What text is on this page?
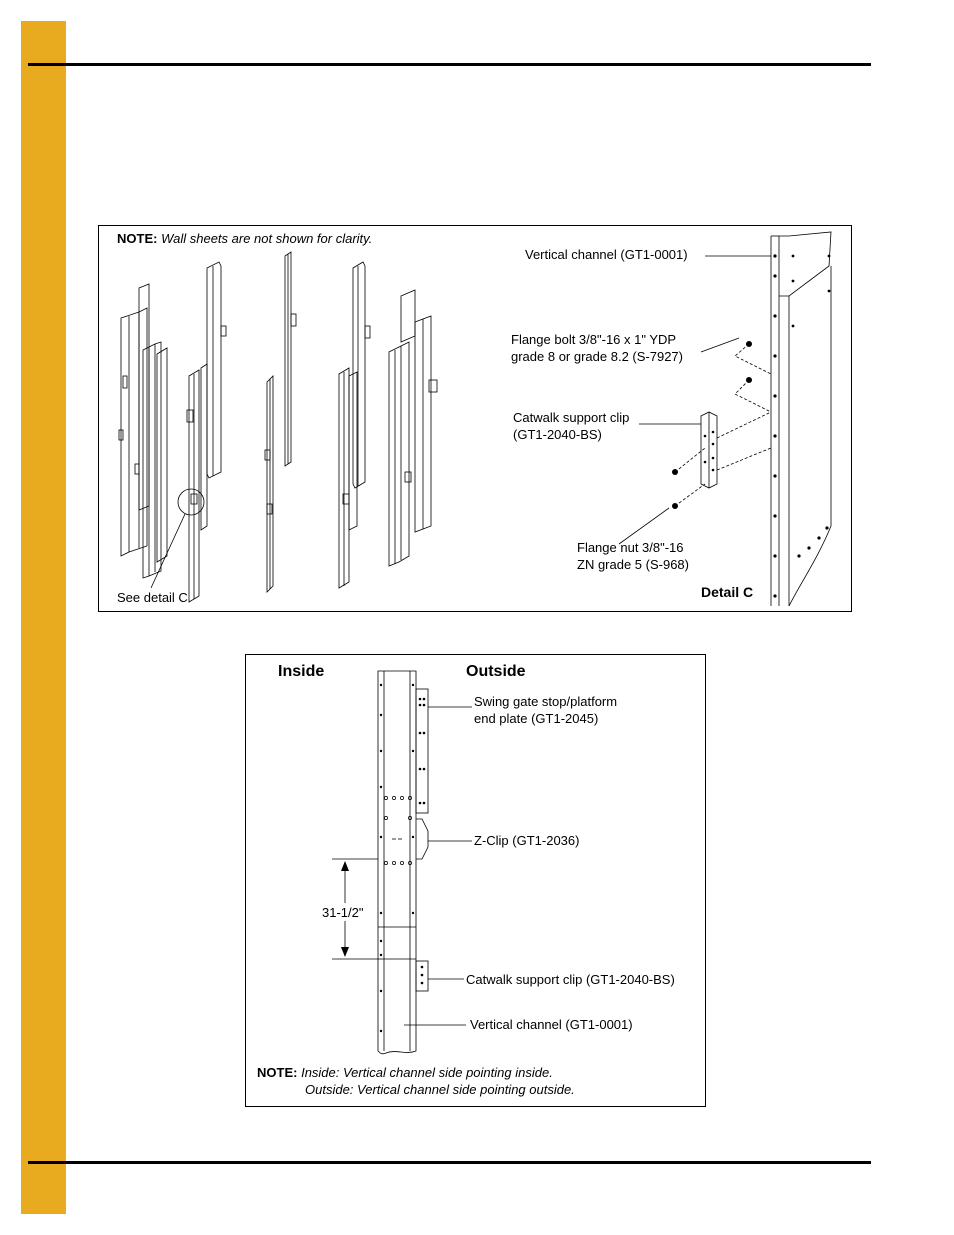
NOTE: Wall sheets are not shown for clarity.
See detail C	Detail C
Vertical channel (GT1-0001)
Flange bolt 3/8"-16 x 1" YDP
grade 8 or grade 8.2 (S-7927)
Catwalk support clip
(GT1-2040-BS)
Flange nut 3/8"-16
ZN grade 5 (S-968)
Inside	Outside
Swing gate stop/platform
end plate (GT1-2045)
Z-Clip (GT1-2036)
31-1/2"
Catwalk support clip (GT1-2040-BS)
Vertical channel (GT1-0001)
NOTE: Inside: Vertical channel side pointing inside.
Outside: Vertical channel side pointing outside.
